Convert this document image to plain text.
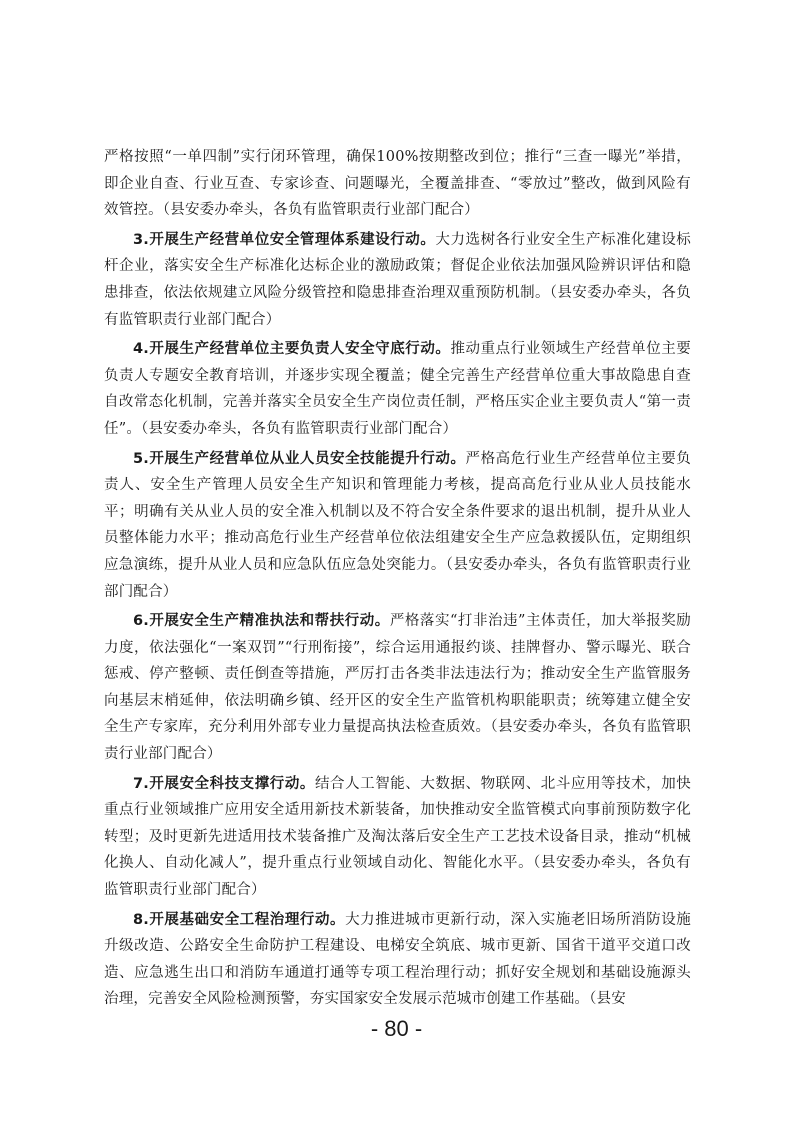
严格按照“一单四制”实行闭环管理，确保100%按期整改到位；推行“三查一曝光”举措，即企业自查、行业互查、专家诊查、问题曝光，全覆盖排查、“零放过”整改，做到风险有效管控。（县安委办牵头，各负有监管职责行业部门配合）

3.开展生产经营单位安全管理体系建设行动。大力选树各行业安全生产标准化建设标杆企业，落实安全生产标准化达标企业的激励政策；督促企业依法加强风险辨识评估和隐患排查，依法依规建立风险分级管控和隐患排查治理双重预防机制。（县安委办牵头，各负有监管职责行业部门配合）

4.开展生产经营单位主要负责人安全守底行动。推动重点行业领域生产经营单位主要负责人专题安全教育培训，并逐步实现全覆盖；健全完善生产经营单位重大事故隐患自查自改常态化机制，完善并落实全员安全生产岗位责任制，严格压实企业主要负责人“第一责任”。（县安委办牵头，各负有监管职责行业部门配合）

5.开展生产经营单位从业人员安全技能提升行动。严格高危行业生产经营单位主要负责人、安全生产管理人员安全生产知识和管理能力考核，提高高危行业从业人员技能水平；明确有关从业人员的安全准入机制以及不符合安全条件要求的退出机制，提升从业人员整体能力水平；推动高危行业生产经营单位依法组建安全生产应急救援队伍，定期组织应急演练，提升从业人员和应急队伍应急处突能力。（县安委办牵头，各负有监管职责行业部门配合）

6.开展安全生产精准执法和帮扶行动。严格落实“打非治违”主体责任，加大举报奖励力度，依法强化“一案双罚”“行刑衔接”，综合运用通报约谈、挂牌督办、警示曝光、联合惩戒、停产整顿、责任倒查等措施，严厉打击各类非法违法行为；推动安全生产监管服务向基层末梢延伸，依法明确乡镇、经开区的安全生产监管机构职能职责；统筹建立健全安全生产专家库，充分利用外部专业力量提高执法检查质效。（县安委办牵头，各负有监管职责行业部门配合）

7.开展安全科技支撑行动。结合人工智能、大数据、物联网、北斗应用等技术，加快重点行业领域推广应用安全适用新技术新装备，加快推动安全监管模式向事前预防数字化转型；及时更新先进适用技术装备推广及淘汰落后安全生产工艺技术设备目录，推动“机械化换人、自动化减人”，提升重点行业领域自动化、智能化水平。（县安委办牵头，各负有监管职责行业部门配合）

8.开展基础安全工程治理行动。大力推进城市更新行动，深入实施老旧场所消防设施升级改造、公路安全生命防护工程建设、电梯安全筑底、城市更新、国省干道平交道口改造、应急逃生出口和消防车通道打通等专项工程治理行动；抓好安全规划和基础设施源头治理，完善安全风险检测预警，夯实国家安全发展示范城市创建工作基础。（县安

- 80 -
